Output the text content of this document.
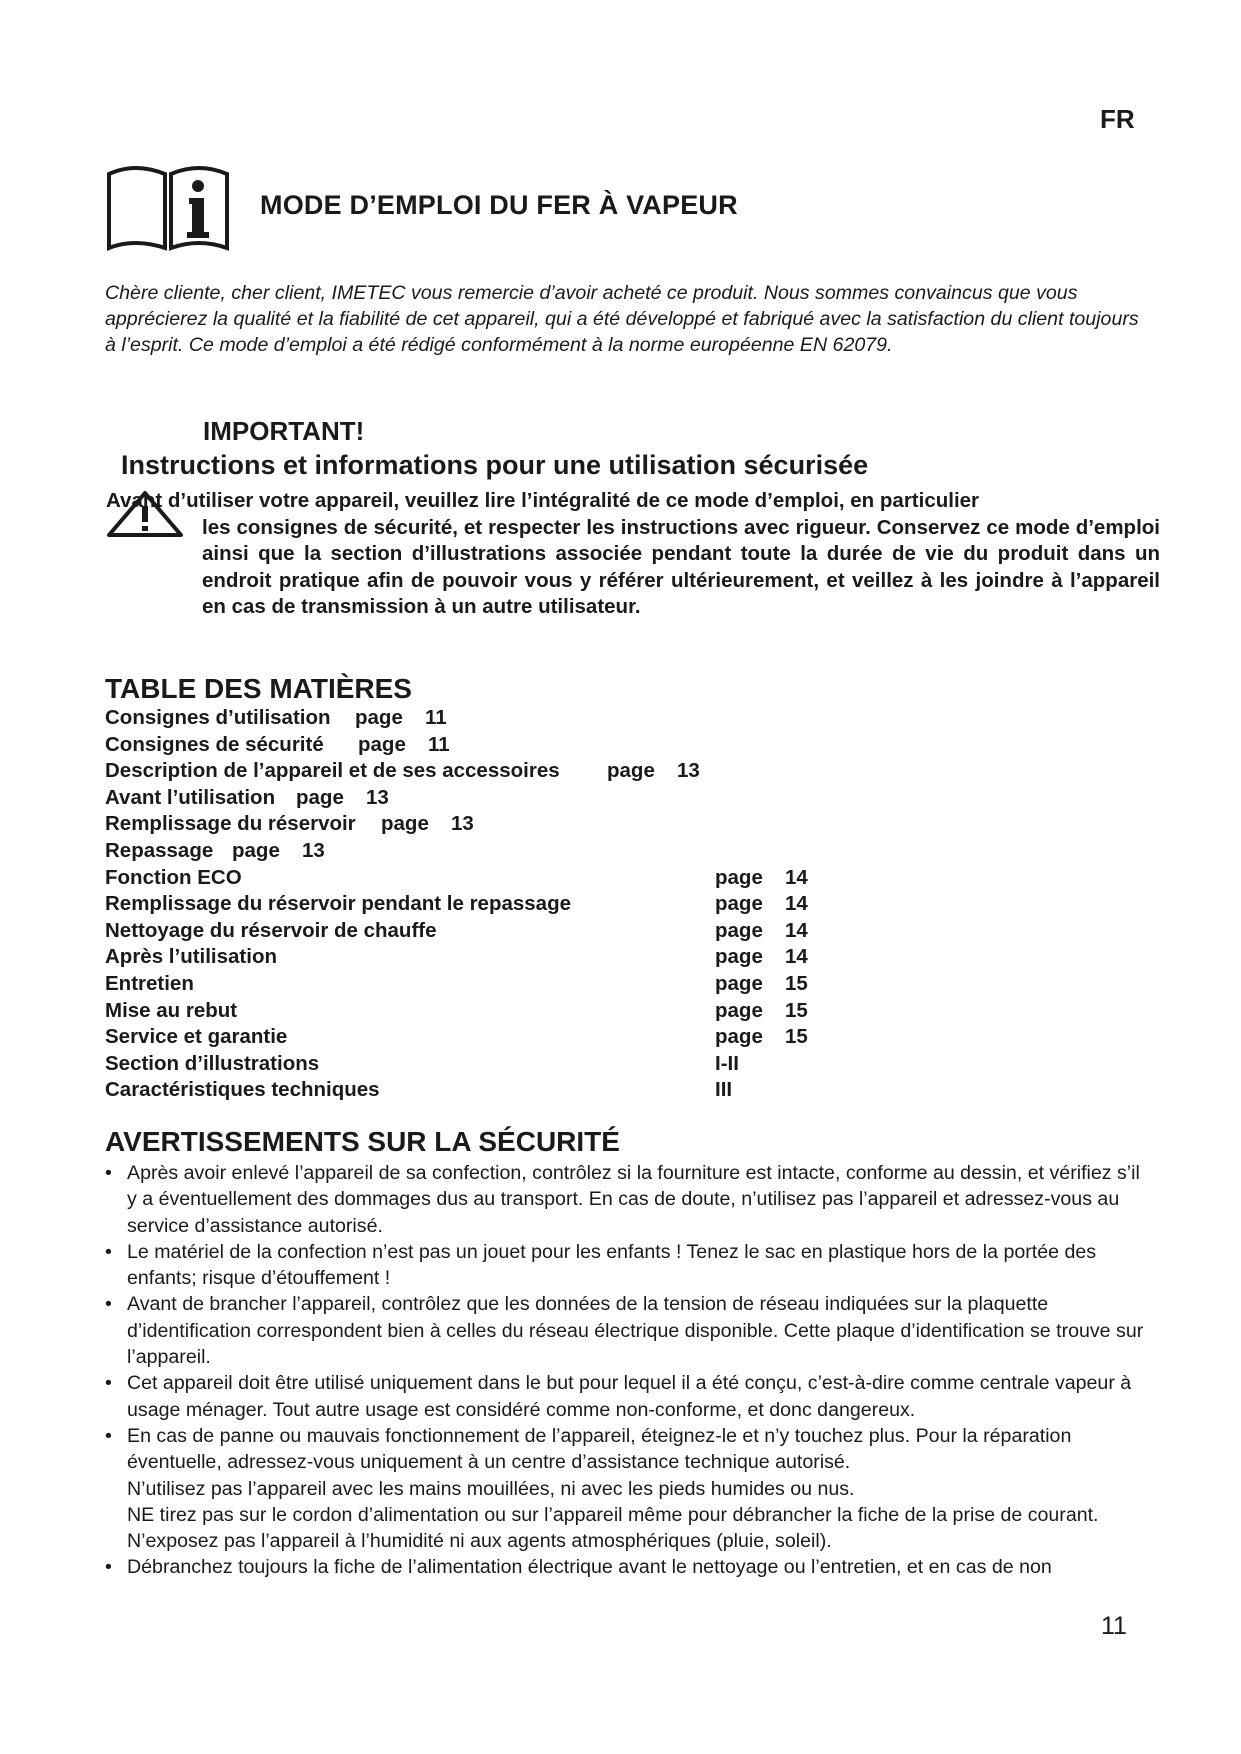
FR
MODE D’EMPLOI DU FER À VAPEUR
Chère cliente, cher client, IMETEC vous remercie d’avoir acheté ce produit. Nous sommes convaincus que vous apprécierez la qualité et la fiabilité de cet appareil, qui a été développé et fabriqué avec la satisfaction du client toujours à l’esprit. Ce mode d’emploi a été rédigé conformément à la norme européenne EN 62079.
IMPORTANT!
Instructions et informations pour une utilisation sécurisée
Avant d’utiliser votre appareil, veuillez lire l’intégralité de ce mode d’emploi, en particulier
les consignes de sécurité, et respecter les instructions avec rigueur. Conservez ce mode d’emploi ainsi que la section d’illustrations associée pendant toute la durée de vie du produit dans un endroit pratique afin de pouvoir vous y référer ultérieurement, et veillez à les joindre à l’appareil en cas de transmission à un autre utilisateur.
TABLE DES MATIÈRES
Consignes d’utilisation page 11
Consignes de sécurité page 11
Description de l’appareil et de ses accessoires page 13
Avant l’utilisation page 13
Remplissage du réservoir page 13
Repassage page 13
Fonction ECO	page 14
Remplissage du réservoir pendant le repassage	page 14
Nettoyage du réservoir de chauffe	page 14
Après l’utilisation	page 14
Entretien	page 15
Mise au rebut	page 15
Service et garantie	page 15
Section d’illustrations	I-II
Caractéristiques techniques	III
AVERTISSEMENTS SUR LA SÉCURITÉ
• Après avoir enlevé l’appareil de sa confection, contrôlez si la fourniture est intacte, conforme au dessin, et vérifiez s’il y a éventuellement des dommages dus au transport. En cas de doute, n’utilisez pas l’appareil et adressez-vous au service d’assistance autorisé.
• Le matériel de la confection n’est pas un jouet pour les enfants ! Tenez le sac en plastique hors de la portée des enfants; risque d’étouffement !
• Avant de brancher l’appareil, contrôlez que les données de la tension de réseau indiquées sur la plaquette d’identification correspondent bien à celles du réseau électrique disponible. Cette plaque d’identification se trouve sur l’appareil.
• Cet appareil doit être utilisé uniquement dans le but pour lequel il a été conçu, c’est-à-dire comme centrale vapeur à usage ménager. Tout autre usage est considéré comme non-conforme, et donc dangereux.
• En cas de panne ou mauvais fonctionnement de l’appareil, éteignez-le et n’y touchez plus. Pour la réparation éventuelle, adressez-vous uniquement à un centre d’assistance technique autorisé.
N’utilisez pas l’appareil avec les mains mouillées, ni avec les pieds humides ou nus.
NE tirez pas sur le cordon d’alimentation ou sur l’appareil même pour débrancher la fiche de la prise de courant.
N’exposez pas l’appareil à l’humidité ni aux agents atmosphériques (pluie, soleil).
• Débranchez toujours la fiche de l’alimentation électrique avant le nettoyage ou l’entretien, et en cas de non
11
